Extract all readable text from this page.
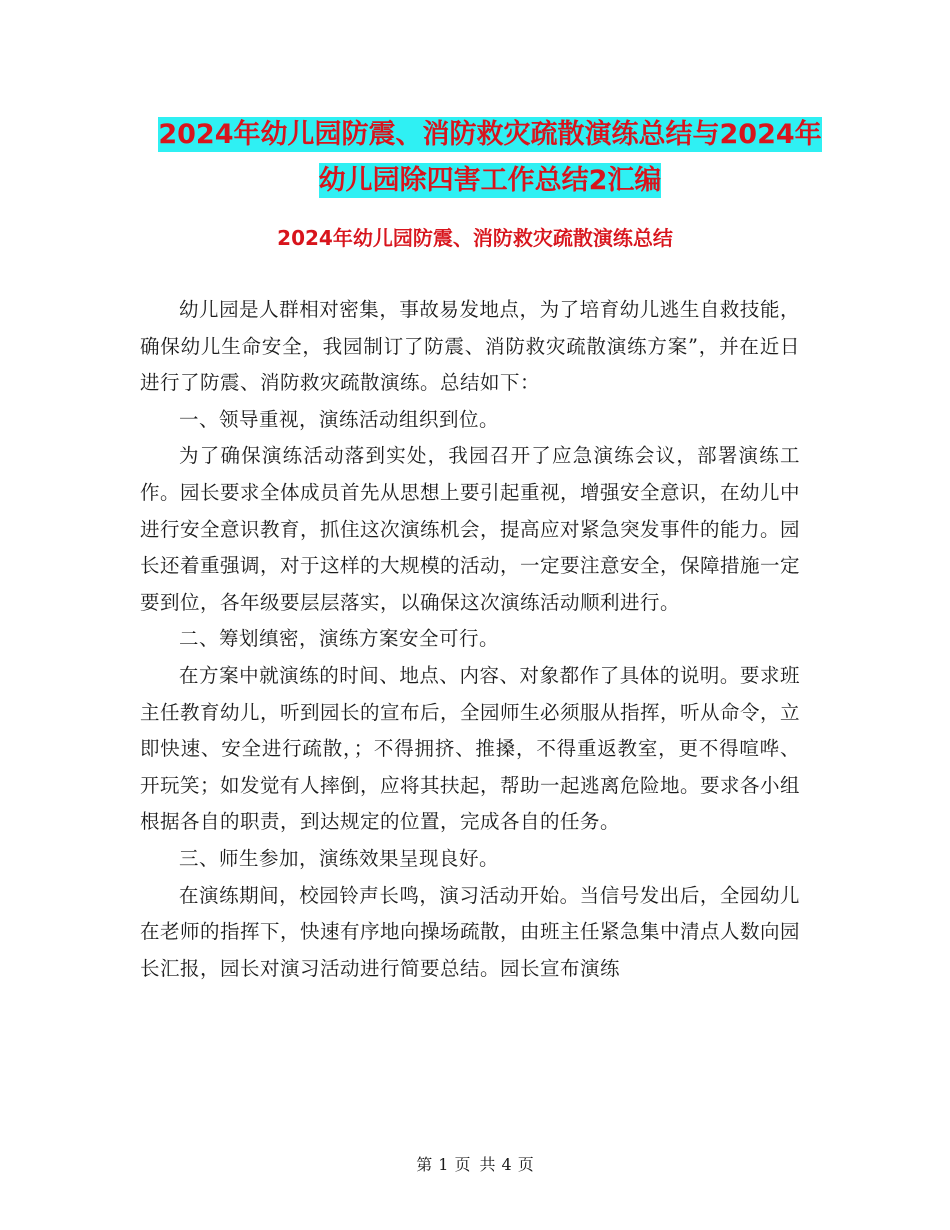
2024年幼儿园防震、消防救灾疏散演练总结与2024年
幼儿园除四害工作总结2汇编
2024年幼儿园防震、消防救灾疏散演练总结

幼儿园是人群相对密集，事故易发地点，为了培育幼儿逃生自救技能，确保幼儿生命安全，我园制订了防震、消防救灾疏散演练方案”，并在近日进行了防震、消防救灾疏散演练。总结如下：

一、领导重视，演练活动组织到位。

为了确保演练活动落到实处，我园召开了应急演练会议，部署演练工作。园长要求全体成员首先从思想上要引起重视，增强安全意识，在幼儿中进行安全意识教育，抓住这次演练机会，提高应对紧急突发事件的能力。园长还着重强调，对于这样的大规模的活动，一定要注意安全，保障措施一定要到位，各年级要层层落实，以确保这次演练活动顺利进行。

二、筹划缜密，演练方案安全可行。

在方案中就演练的时间、地点、内容、对象都作了具体的说明。要求班主任教育幼儿，听到园长的宣布后，全园师生必须服从指挥，听从命令，立即快速、安全进行疏散，；不得拥挤、推搡，不得重返教室，更不得喧哗、开玩笑；如发觉有人摔倒，应将其扶起，帮助一起逃离危险地。要求各小组根据各自的职责，到达规定的位置，完成各自的任务。

三、师生参加，演练效果呈现良好。

在演练期间，校园铃声长鸣，演习活动开始。当信号发出后，全园幼儿在老师的指挥下，快速有序地向操场疏散，由班主任紧急集中清点人数向园长汇报，园长对演习活动进行简要总结。园长宣布演练

第 1 页 共 4 页
